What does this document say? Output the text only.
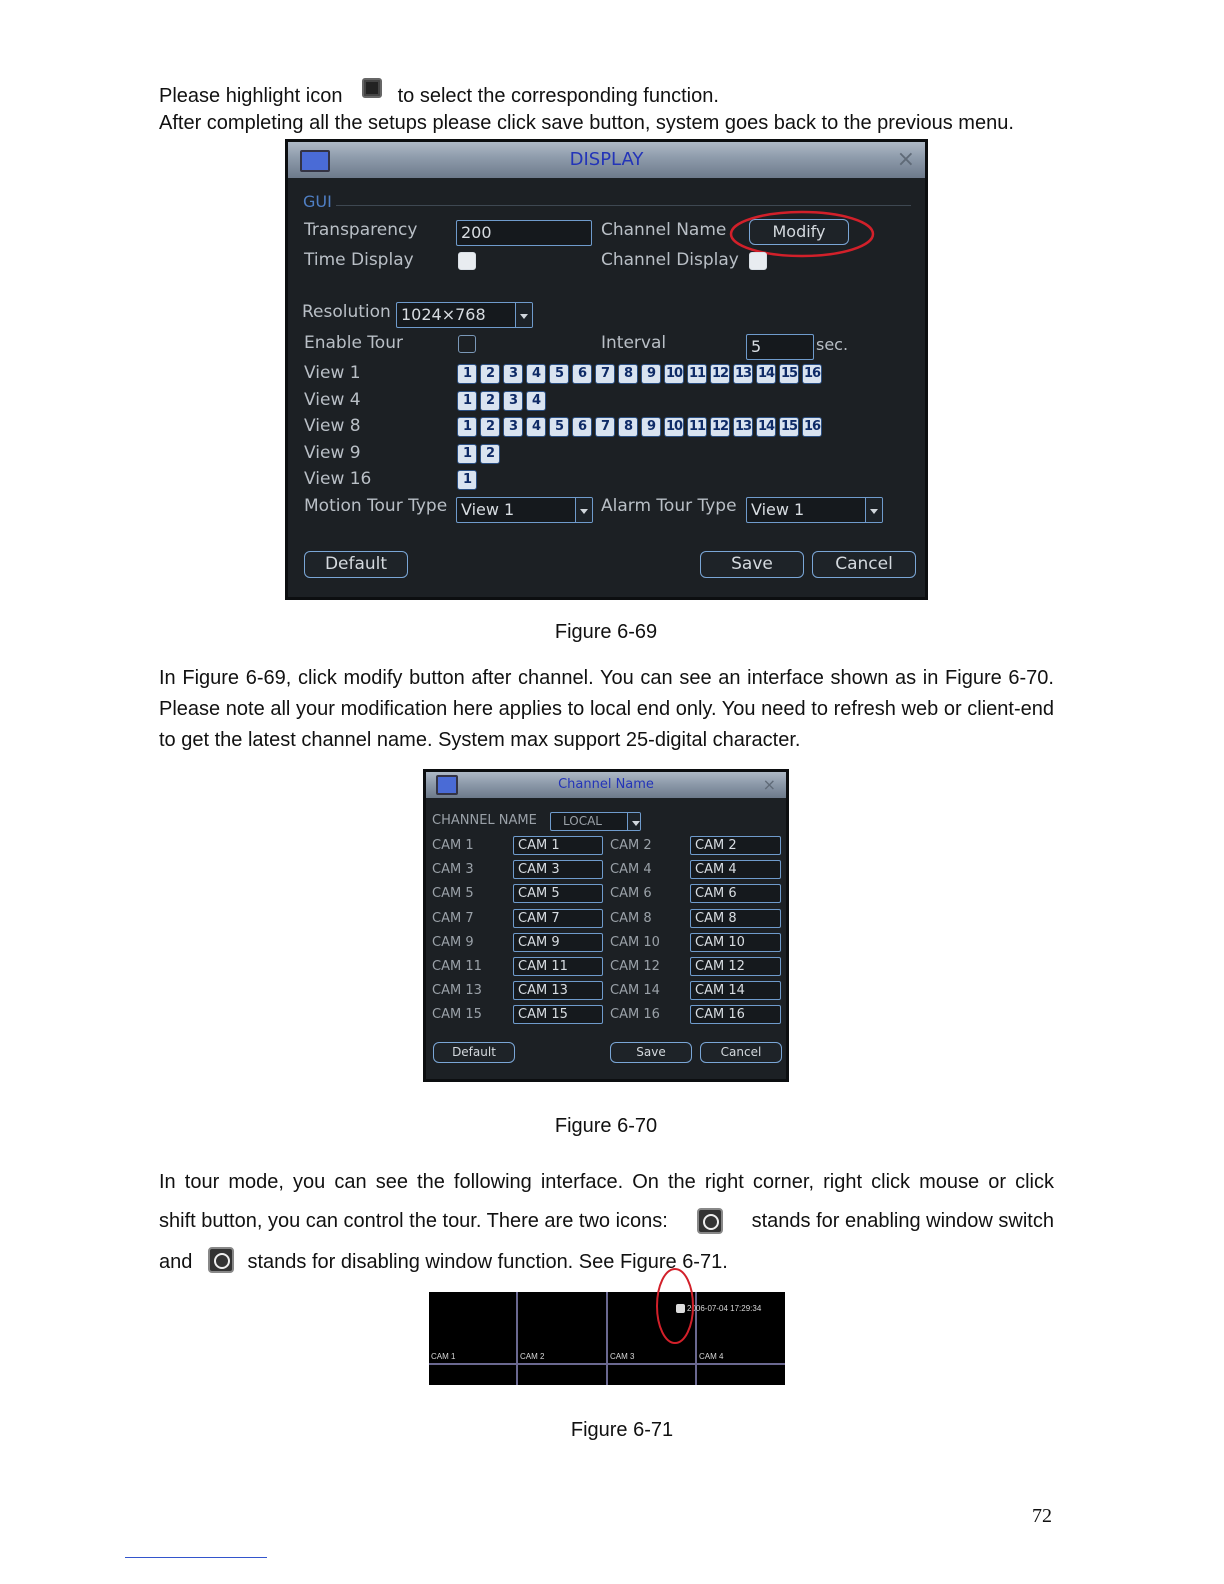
Please highlight icon	to select the corresponding function.
After completing all the setups please click save button, system goes back to the previous menu.
DISPLAY	×
GUI
Transparency	200	Channel Name	Modify
Time Display	Channel Display
Resolution 1024×768
Enable Tour	Interval	5	sec.
View 1	1	2	3	4	5	6	7	8	9 10 11 12 13 14 15 16
View 4	1	2	3	4
View 8	1	2	3	4	5	6	7	8	9 10 11 12 13 14 15 16
View 9	1	2
View 16	1
Motion Tour Type View 1	Alarm Tour Type View 1
Default	Save	Cancel
Figure 6-69
In Figure 6-69, click modify button after channel. You can see an interface shown as in Figure 6-70. Please note all your modification here applies to local end only. You need to refresh web or client-end to get the latest channel name. System max support 25-digital character.
Channel Name	×
CHANNEL NAME	LOCAL
CAM 1	CAM 1	CAM 2	CAM 2
CAM 3	CAM 3	CAM 4	CAM 4
CAM 5	CAM 5	CAM 6	CAM 6
CAM 7	CAM 7	CAM 8	CAM 8
CAM 9	CAM 9	CAM 10	CAM 10
CAM 11	CAM 11	CAM 12	CAM 12
CAM 13	CAM 13	CAM 14	CAM 14
CAM 15	CAM 15	CAM 16	CAM 16
Default	Save	Cancel
Figure 6-70
In tour mode, you can see the following interface. On the right corner, right click mouse or click
shift button, you can control the tour. There are two icons:	stands for enabling window switch
and	stands for disabling window function. See Figure 6-71.
CAM 1	CAM 2	CAM 3	CAM 4
2006-07-04 17:29:34
Figure 6-71
72
